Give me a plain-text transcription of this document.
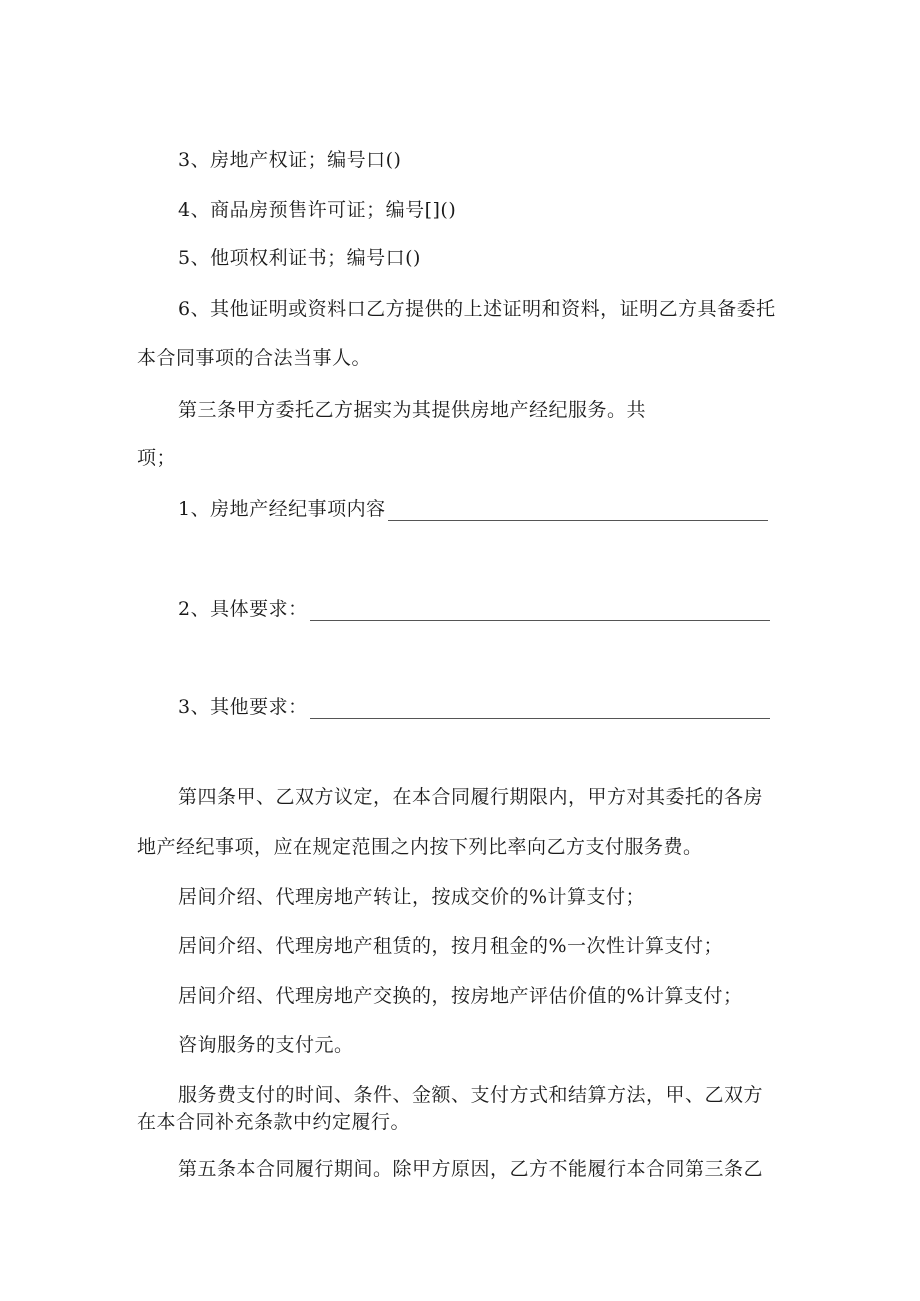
3、房地产权证；编号口()
4、商品房预售许可证；编号[]()
5、他项权利证书；编号口()
6、其他证明或资料口乙方提供的上述证明和资料，证明乙方具备委托
本合同事项的合法当事人。
第三条甲方委托乙方据实为其提供房地产经纪服务。共
项；
1、房地产经纪事项内容
2、具体要求：
3、其他要求：
第四条甲、乙双方议定，在本合同履行期限内，甲方对其委托的各房
地产经纪事项，应在规定范围之内按下列比率向乙方支付服务费。
居间介绍、代理房地产转让，按成交价的%计算支付；
居间介绍、代理房地产租赁的，按月租金的%一次性计算支付；
居间介绍、代理房地产交换的，按房地产评估价值的%计算支付；
咨询服务的支付元。
服务费支付的时间、条件、金额、支付方式和结算方法，甲、乙双方
在本合同补充条款中约定履行。
第五条本合同履行期间。除甲方原因，乙方不能履行本合同第三条乙
